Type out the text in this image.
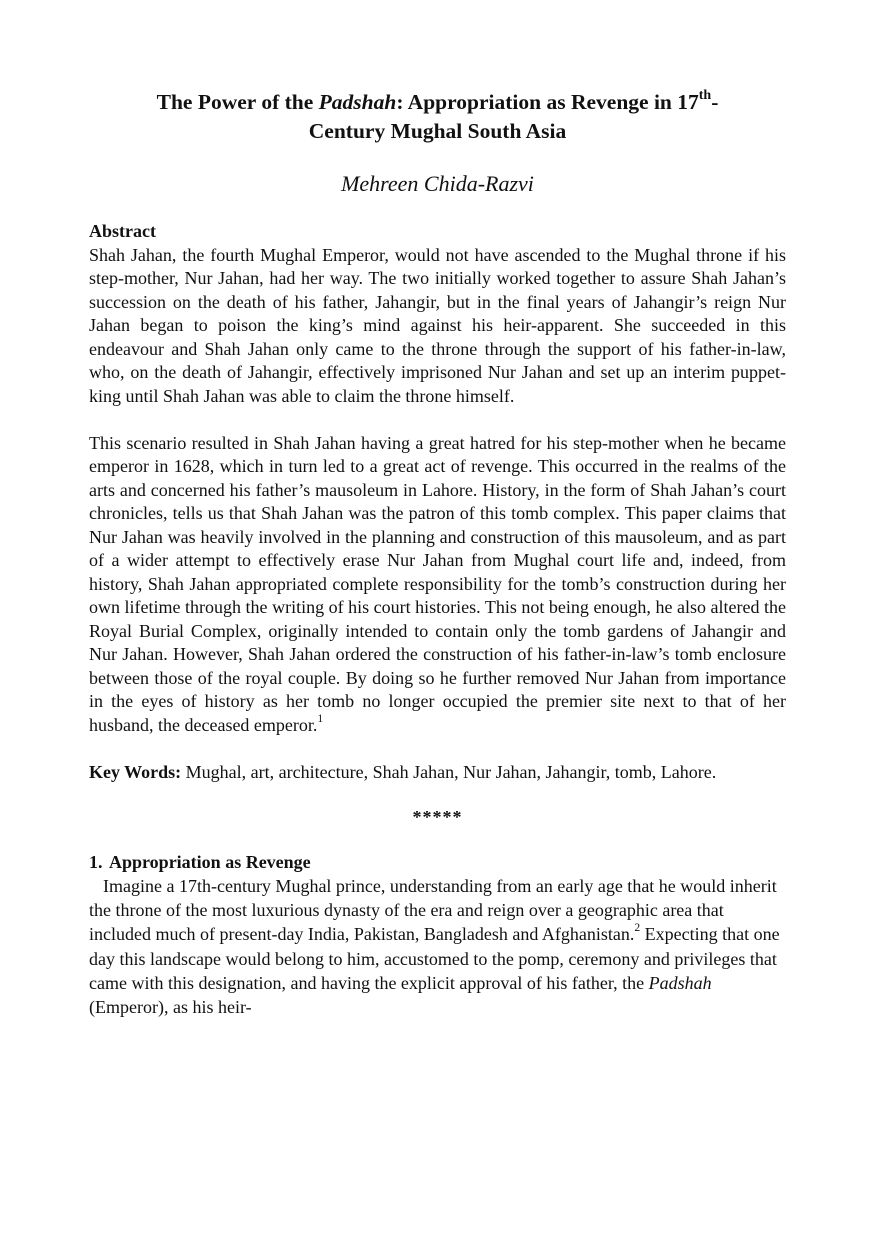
The Power of the Padshah: Appropriation as Revenge in 17th-
Century Mughal South Asia
Mehreen Chida-Razvi
Abstract

Shah Jahan, the fourth Mughal Emperor, would not have ascended to the Mughal throne if his step-mother, Nur Jahan, had her way. The two initially worked together to assure Shah Jahan’s succession on the death of his father, Jahangir, but in the final years of Jahangir’s reign Nur Jahan began to poison the king’s mind against his heir-apparent. She succeeded in this endeavour and Shah Jahan only came to the throne through the support of his father-in-law, who, on the death of Jahangir, effectively imprisoned Nur Jahan and set up an interim puppet-king until Shah Jahan was able to claim the throne himself.

This scenario resulted in Shah Jahan having a great hatred for his step-mother when he became emperor in 1628, which in turn led to a great act of revenge. This occurred in the realms of the arts and concerned his father’s mausoleum in Lahore. History, in the form of Shah Jahan’s court chronicles, tells us that Shah Jahan was the patron of this tomb complex. This paper claims that Nur Jahan was heavily involved in the planning and construction of this mausoleum, and as part of a wider attempt to effectively erase Nur Jahan from Mughal court life and, indeed, from history, Shah Jahan appropriated complete responsibility for the tomb’s construction during her own lifetime through the writing of his court histories. This not being enough, he also altered the Royal Burial Complex, originally intended to contain only the tomb gardens of Jahangir and Nur Jahan. However, Shah Jahan ordered the construction of his father-in-law’s tomb enclosure between those of the royal couple. By doing so he further removed Nur Jahan from importance in the eyes of history as her tomb no longer occupied the premier site next to that of her husband, the deceased emperor.$^1$

Key Words: Mughal, art, architecture, Shah Jahan, Nur Jahan, Jahangir, tomb, Lahore.
*****
1. Appropriation as Revenge

Imagine a 17th-century Mughal prince, understanding from an early age that he would inherit the throne of the most luxurious dynasty of the era and reign over a geographic area that included much of present-day India, Pakistan, Bangladesh and Afghanistan.$^2$ Expecting that one day this landscape would belong to him, accustomed to the pomp, ceremony and privileges that came with this designation, and having the explicit approval of his father, the Padshah (Emperor), as his heir-
